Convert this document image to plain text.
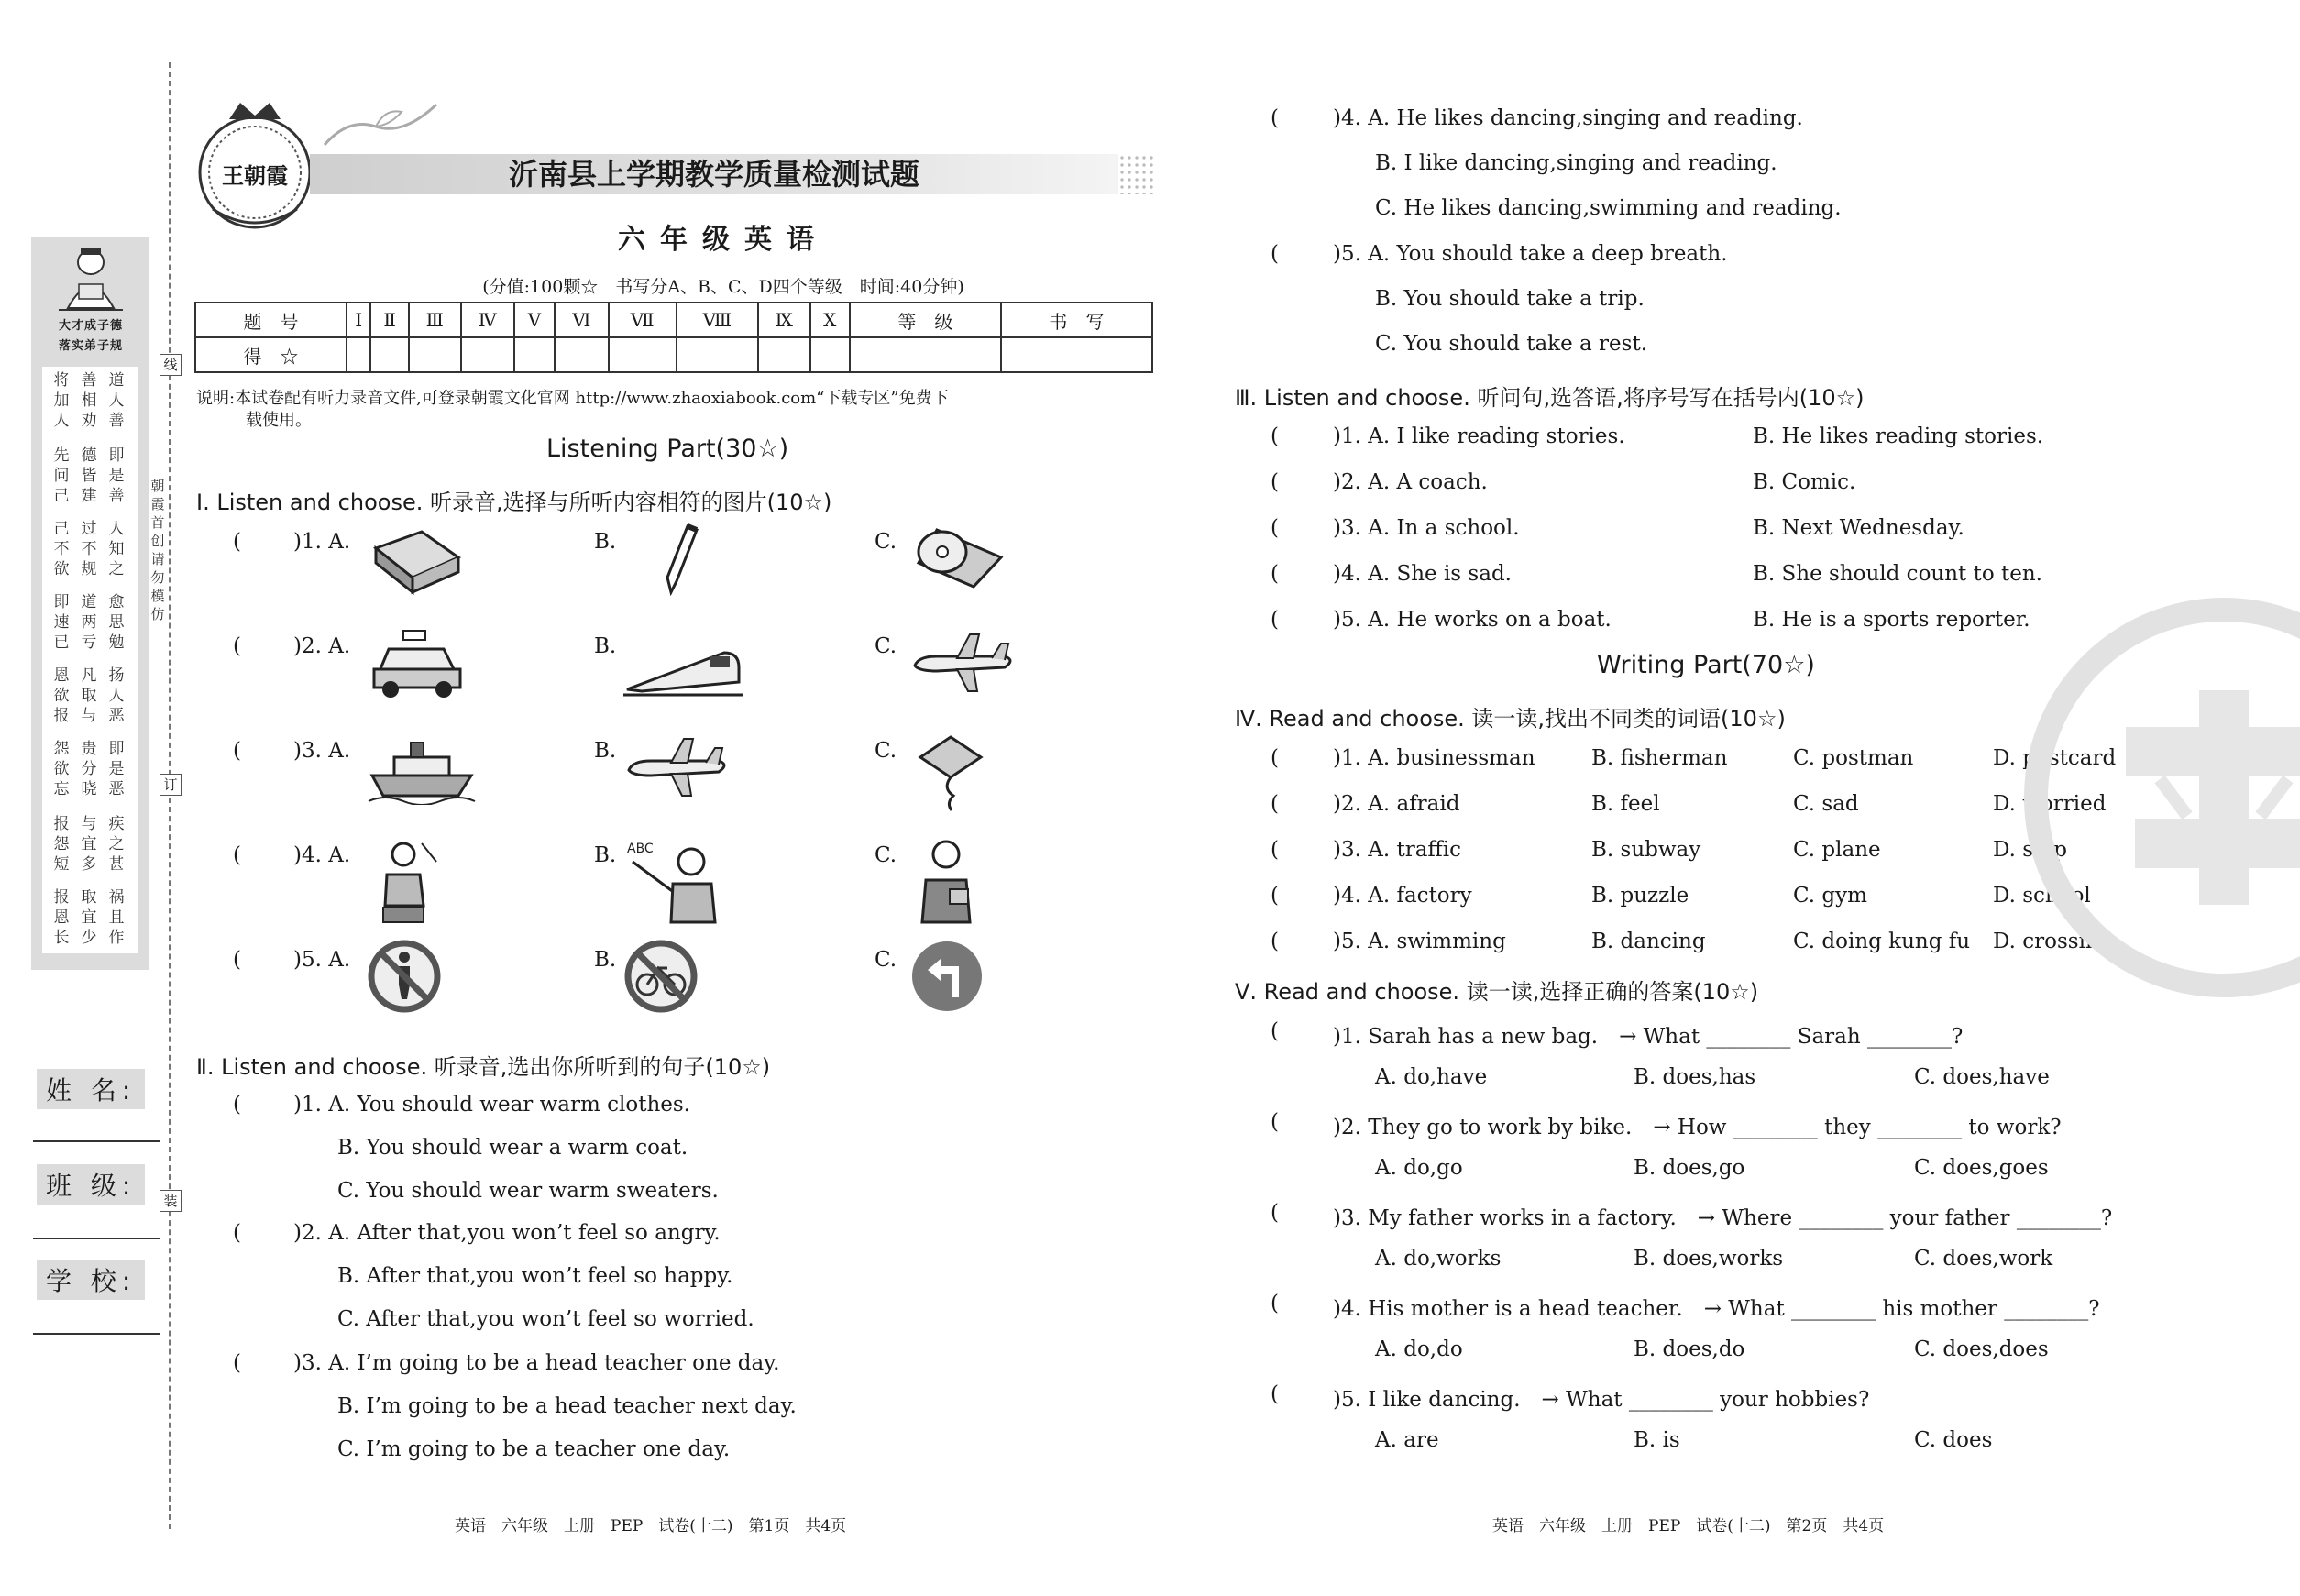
大才成子德
落实弟子规
将加人
善相劝
道人善
先问己
德皆建
即是善
己不欲
过不规
人知之
即速已
道两亏
愈思勉
恩欲报
凡取与
扬人恶
怨欲忘
贵分晓
即是恶
报怨短
与宜多
疾之甚
报恩长
取宜少
祸且作
姓 名:
班 级:
学 校:
线
订
装
朝霞首创 请勿模仿
王朝霞	沂南县上学期教学质量检测试题
六年级英语
(分值:100颗☆　书写分A、B、C、D四个等级　时间:40分钟)
题　号	Ⅰ	Ⅱ	Ⅲ	Ⅳ	Ⅴ	Ⅵ	Ⅶ	Ⅷ	Ⅸ	Ⅹ	等　级	书　写
得　☆												
说明:本试卷配有听力录音文件,可登录朝霞文化官网 http://www.zhaoxiabook.com“下载专区”免费下
载使用。
Listening Part(30☆)
Ⅰ. Listen and choose. 听录音,选择与所听内容相符的图片(10☆)
( )1. A.	B.	C.
( )2. A.	B.	C.
( )3. A.	B.	C.
( )4. A.	B.	C.
ABC
( )5. A.	B.	C.
Ⅱ. Listen and choose. 听录音,选出你所听到的句子(10☆)
( )1. A. You should wear warm clothes.
B. You should wear a warm coat.
C. You should wear warm sweaters.
( )2. A. After that,you won’t feel so angry.
B. After that,you won’t feel so happy.
C. After that,you won’t feel so worried.
( )3. A. I’m going to be a head teacher one day.
B. I’m going to be a head teacher next day.
C. I’m going to be a teacher one day.
(	)4. A. He likes dancing,singing and reading.
B. I like dancing,singing and reading.
C. He likes dancing,swimming and reading.
(	)5. A. You should take a deep breath.
B. You should take a trip.
C. You should take a rest.
Ⅲ. Listen and choose. 听问句,选答语,将序号写在括号内(10☆)
(	)1. A. I like reading stories.	B. He likes reading stories.
(	)2. A. A coach.	B. Comic.
(	)3. A. In a school.	B. Next Wednesday.
(	)4. A. She is sad.	B. She should count to ten.
(	)5. A. He works on a boat.	B. He is a sports reporter.
Writing Part(70☆)
Ⅳ. Read and choose. 读一读,找出不同类的词语(10☆)
(	)1. A. businessman	B. fisherman	C. postman	D. postcard
(	)2. A. afraid	B. feel	C. sad	D. worried
(	)3. A. traffic	B. subway	C. plane	D. ship
(	)4. A. factory	B. puzzle	C. gym	D. school
(	)5. A. swimming	B. dancing	C. doing kung fu D. crossing
Ⅴ. Read and choose. 读一读,选择正确的答案(10☆)
(	)1. Sarah has a new bag.　→ What ________ Sarah ________?
A. do,have	B. does,has	C. does,have
(	)2. They go to work by bike.　→ How ________ they ________ to work?
A. do,go	B. does,go	C. does,goes
(	)3. My father works in a factory.　→ Where ________ your father ________?
A. do,works	B. does,works	C. does,work
(	)4. His mother is a head teacher.　→ What ________ his mother ________?
A. do,do	B. does,do	C. does,does
(	)5. I like dancing.　→ What ________ your hobbies?
A. are	B. is	C. does
英语　六年级　上册　PEP　试卷(十二)　第1页　共4页	英语　六年级　上册　PEP　试卷(十二)　第2页　共4页
